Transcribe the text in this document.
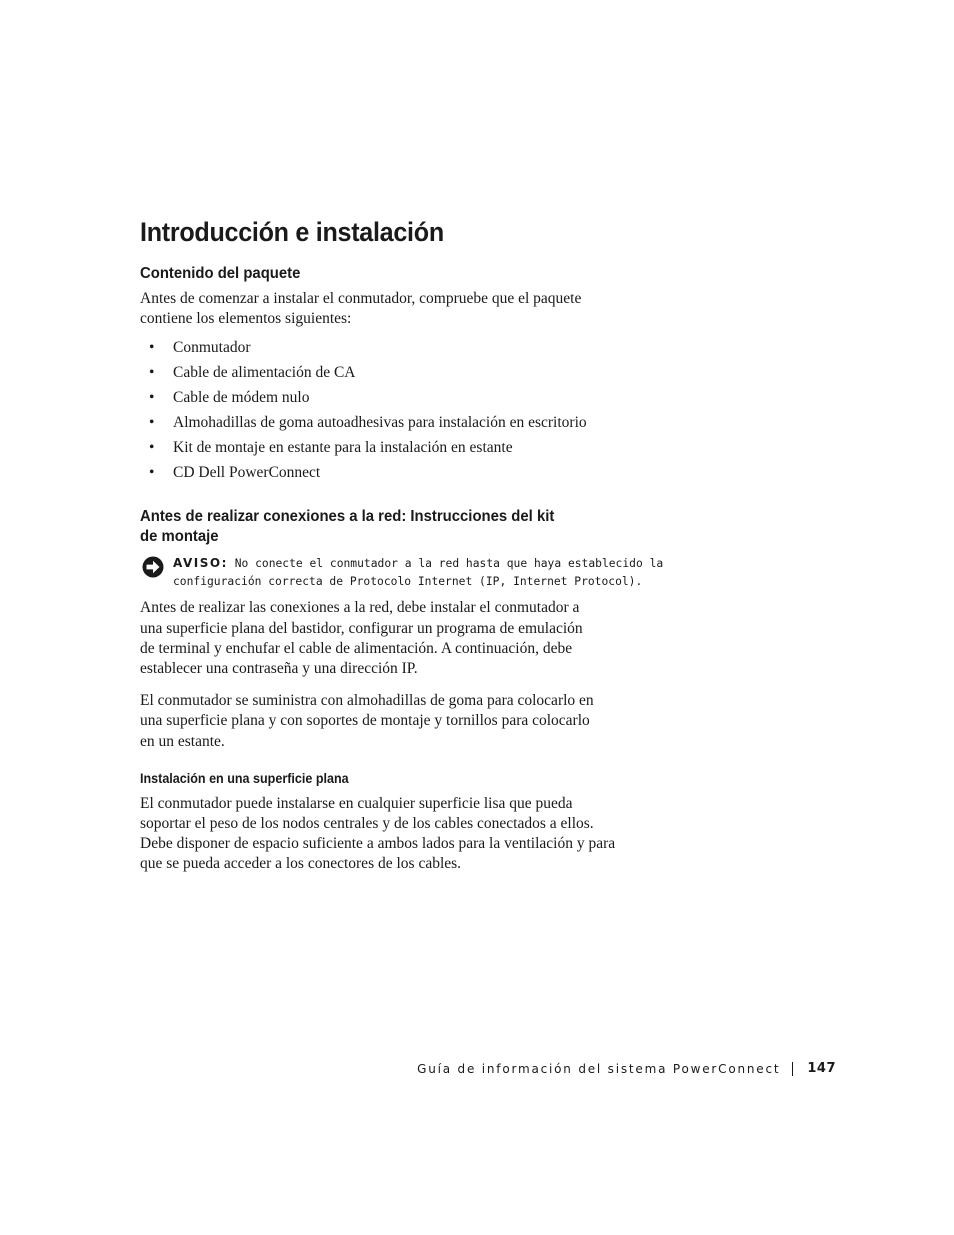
Introducción e instalación
Contenido del paquete

Antes de comenzar a instalar el conmutador, compruebe que el paquete
contiene los elementos siguientes:

• Conmutador
• Cable de alimentación de CA
• Cable de módem nulo
• Almohadillas de goma autoadhesivas para instalación en escritorio
• Kit de montaje en estante para la instalación en estante
• CD Dell PowerConnect
Antes de realizar conexiones a la red: Instrucciones del kit
de montaje
AVISO: No conecte el conmutador a la red hasta que haya establecido la
configuración correcta de Protocolo Internet (IP, Internet Protocol).

Antes de realizar las conexiones a la red, debe instalar el conmutador a
una superficie plana del bastidor, configurar un programa de emulación
de terminal y enchufar el cable de alimentación. A continuación, debe
establecer una contraseña y una dirección IP.

El conmutador se suministra con almohadillas de goma para colocarlo en
una superficie plana y con soportes de montaje y tornillos para colocarlo
en un estante.

Instalación en una superficie plana

El conmutador puede instalarse en cualquier superficie lisa que pueda
soportar el peso de los nodos centrales y de los cables conectados a ellos.
Debe disponer de espacio suficiente a ambos lados para la ventilación y para
que se pueda acceder a los conectores de los cables.

Guía de información del sistema PowerConnect 147
